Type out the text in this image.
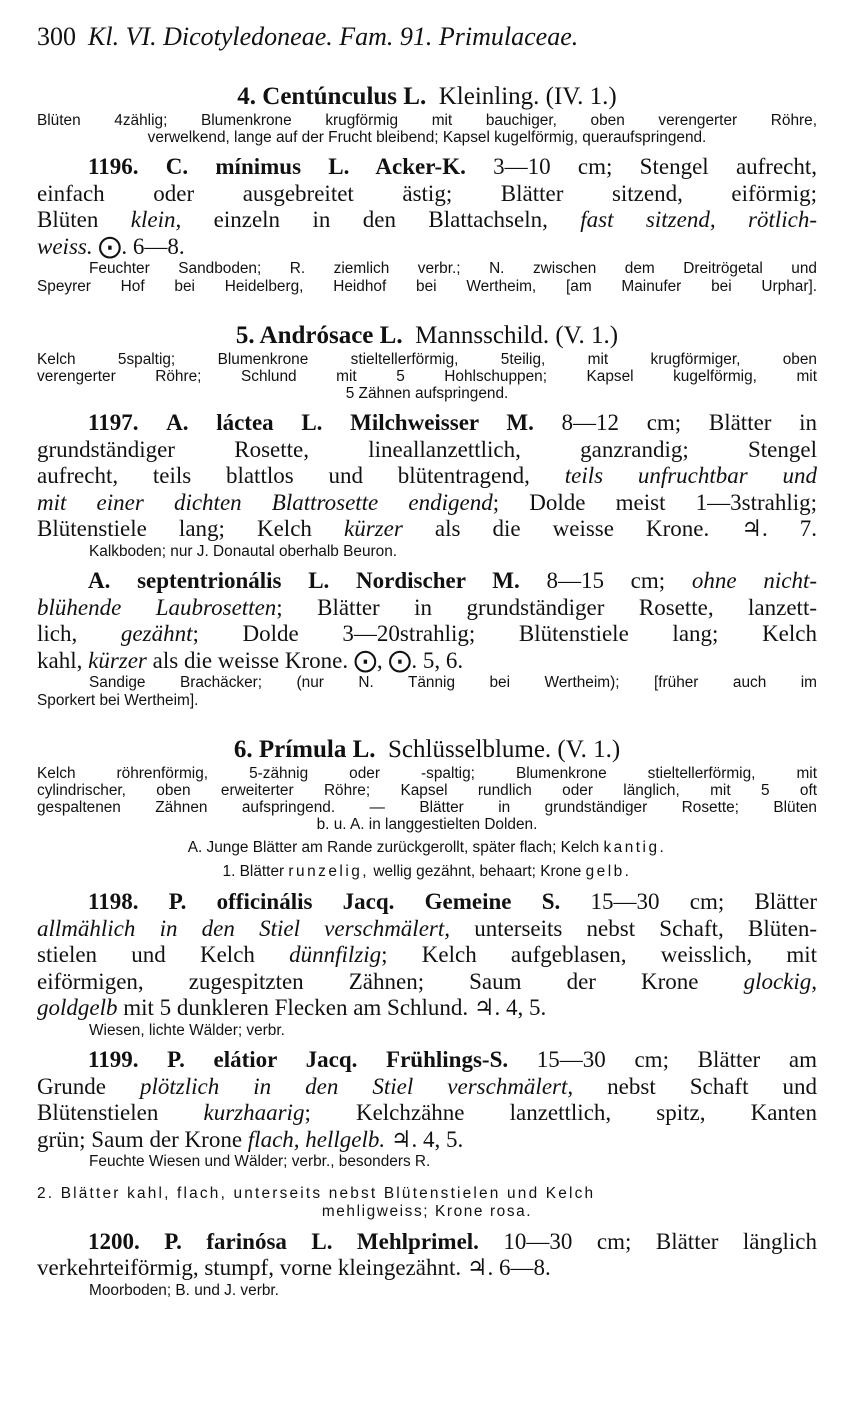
300 Kl. VI. Dicotyledoneae. Fam. 91. Primulaceae.
4. Centúnculus L. Kleinling. (IV. 1.)
Blüten 4zählig; Blumenkrone krugförmig mit bauchiger, oben verengerter Röhre,
verwelkend, lange auf der Frucht bleibend; Kapsel kugelförmig, queraufspringend.
1196. C. mínimus L. Acker-K. 3—10 cm; Stengel aufrecht,
einfach oder ausgebreitet ästig; Blätter sitzend, eiförmig;
Blüten klein, einzeln in den Blattachseln, fast sitzend, rötlich-
weiss. ⨀. 6—8.
Feuchter Sandboden; R. ziemlich verbr.; N. zwischen dem Dreitrögetal und
Speyrer Hof bei Heidelberg, Heidhof bei Wertheim, [am Mainufer bei Urphar].
5. Andrósace L. Mannsschild. (V. 1.)
Kelch 5spaltig; Blumenkrone stieltellerförmig, 5teilig, mit krugförmiger, oben
verengerter Röhre; Schlund mit 5 Hohlschuppen; Kapsel kugelförmig, mit
5 Zähnen aufspringend.
1197. A. láctea L. Milchweisser M. 8—12 cm; Blätter in
grundständiger Rosette, lineallanzettlich, ganzrandig; Stengel
aufrecht, teils blattlos und blütentragend, teils unfruchtbar und
mit einer dichten Blattrosette endigend; Dolde meist 1—3strahlig;
Blütenstiele lang; Kelch kürzer als die weisse Krone. ♃. 7.
Kalkboden; nur J. Donautal oberhalb Beuron.
A. septentrionális L. Nordischer M. 8—15 cm; ohne nicht-
blühende Laubrosetten; Blätter in grundständiger Rosette, lanzett-
lich, gezähnt; Dolde 3—20strahlig; Blütenstiele lang; Kelch
kahl, kürzer als die weisse Krone. ⨀, ⨀. 5, 6.
Sandige Brachäcker; (nur N. Tännig bei Wertheim); [früher auch im
Sporkert bei Wertheim].
6. Prímula L. Schlüsselblume. (V. 1.)
Kelch röhrenförmig, 5-zähnig oder -spaltig; Blumenkrone stieltellerförmig, mit
cylindrischer, oben erweiterter Röhre; Kapsel rundlich oder länglich, mit 5 oft
gespaltenen Zähnen aufspringend. — Blätter in grundständiger Rosette; Blüten
b. u. A. in langgestielten Dolden.
A. Junge Blätter am Rande zurückgerollt, später flach; Kelch kantig.
1. Blätter runzelig, wellig gezähnt, behaart; Krone gelb.
1198. P. officinális Jacq. Gemeine S. 15—30 cm; Blätter
allmählich in den Stiel verschmälert, unterseits nebst Schaft, Blüten-
stielen und Kelch dünnfilzig; Kelch aufgeblasen, weisslich, mit
eiförmigen, zugespitzten Zähnen; Saum der Krone glockig,
goldgelb mit 5 dunkleren Flecken am Schlund. ♃. 4, 5.
Wiesen, lichte Wälder; verbr.
1199. P. elátior Jacq. Frühlings-S. 15—30 cm; Blätter am
Grunde plötzlich in den Stiel verschmälert, nebst Schaft und
Blütenstielen kurzhaarig; Kelchzähne lanzettlich, spitz, Kanten
grün; Saum der Krone flach, hellgelb. ♃. 4, 5.
Feuchte Wiesen und Wälder; verbr., besonders R.
2. Blätter kahl, flach, unterseits nebst Blütenstielen und Kelch
mehligweiss; Krone rosa.
1200. P. farinósa L. Mehlprimel. 10—30 cm; Blätter länglich
verkehrteiförmig, stumpf, vorne kleingezähnt. ♃. 6—8.
Moorboden; B. und J. verbr.
